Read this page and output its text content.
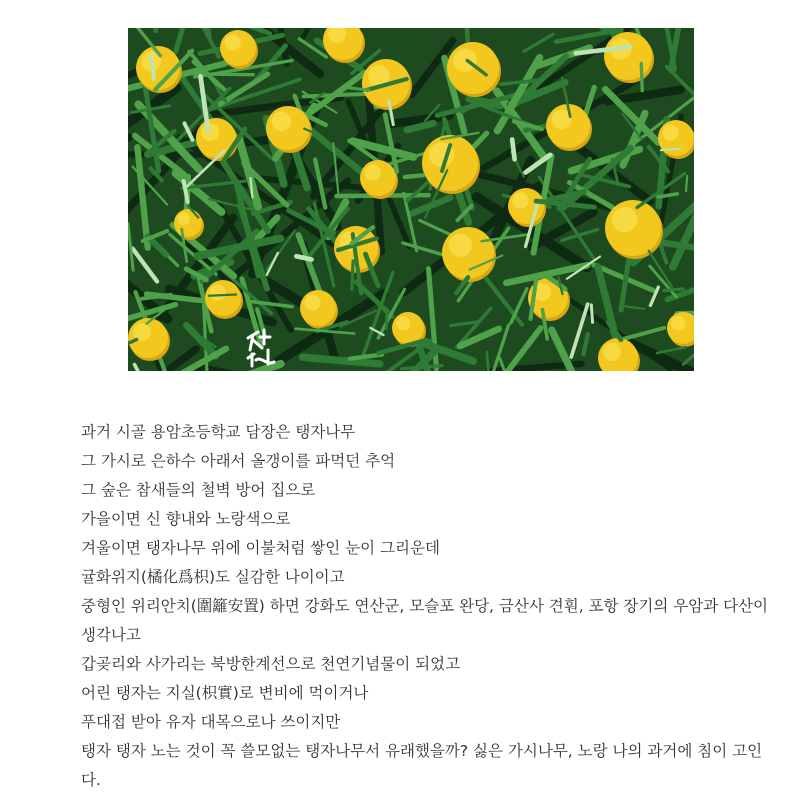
과거 시골 용암초등학교 담장은 탱자나무
그 가시로 은하수 아래서 올갱이를 파먹던 추억
그 숲은 참새들의 철벽 방어 집으로
가을이면 신 향내와 노랑색으로
겨울이면 탱자나무 위에 이불처럼 쌓인 눈이 그리운데
귤화위지(橘化爲枳)도 실감한 나이이고
중형인 위리안치(圍籬安置) 하면 강화도 연산군, 모슬포 완당, 금산사 견훤, 포항 장기의 우암과 다산이 생각나고
갑곶리와 사가리는 북방한계선으로 천연기념물이 되었고
어린 탱자는 지실(枳實)로 변비에 먹이거나
푸대접 받아 유자 대목으로나 쓰이지만
탱자 탱자 노는 것이 꼭 쓸모없는 탱자나무서 유래했을까? 싫은 가시나무, 노랑 나의 과거에 침이 고인다.
